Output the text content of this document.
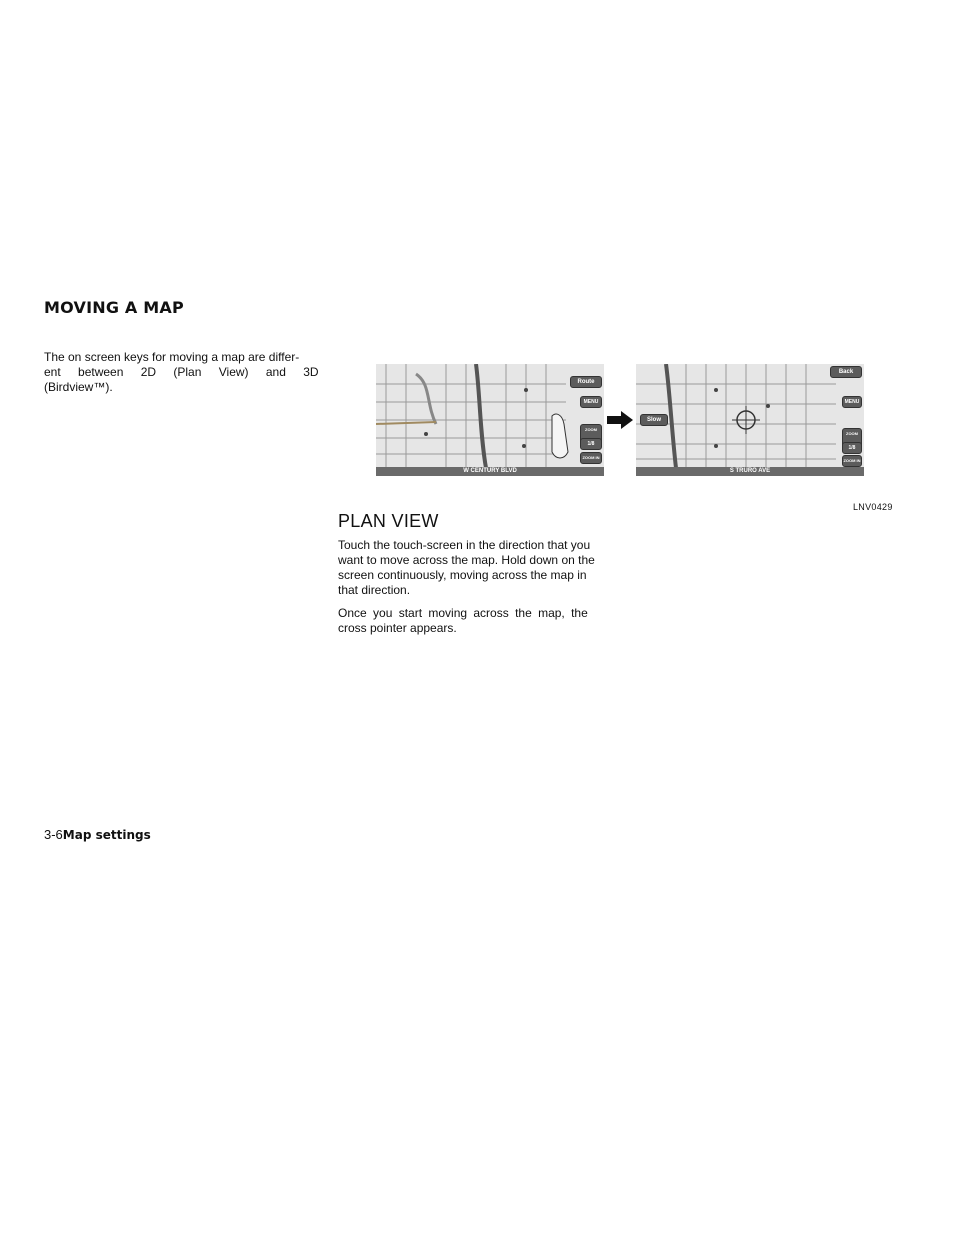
MOVING A MAP
The on screen keys for moving a map are differ-
ent between 2D (Plan View) and 3D
(Birdview™).	Route
MENU
ZOOM
1/8
ZOOM IN
W CENTURY BLVD
Back
MENU
ZOOM
1/8
ZOOM IN
Slow
S TRURO AVE
LNV0429
PLAN VIEW
Touch the touch-screen in the direction that you
want to move across the map. Hold down on the
screen continuously, moving across the map in
that direction.
Once you start moving across the map, the
cross pointer appears.
3-6Map settings
